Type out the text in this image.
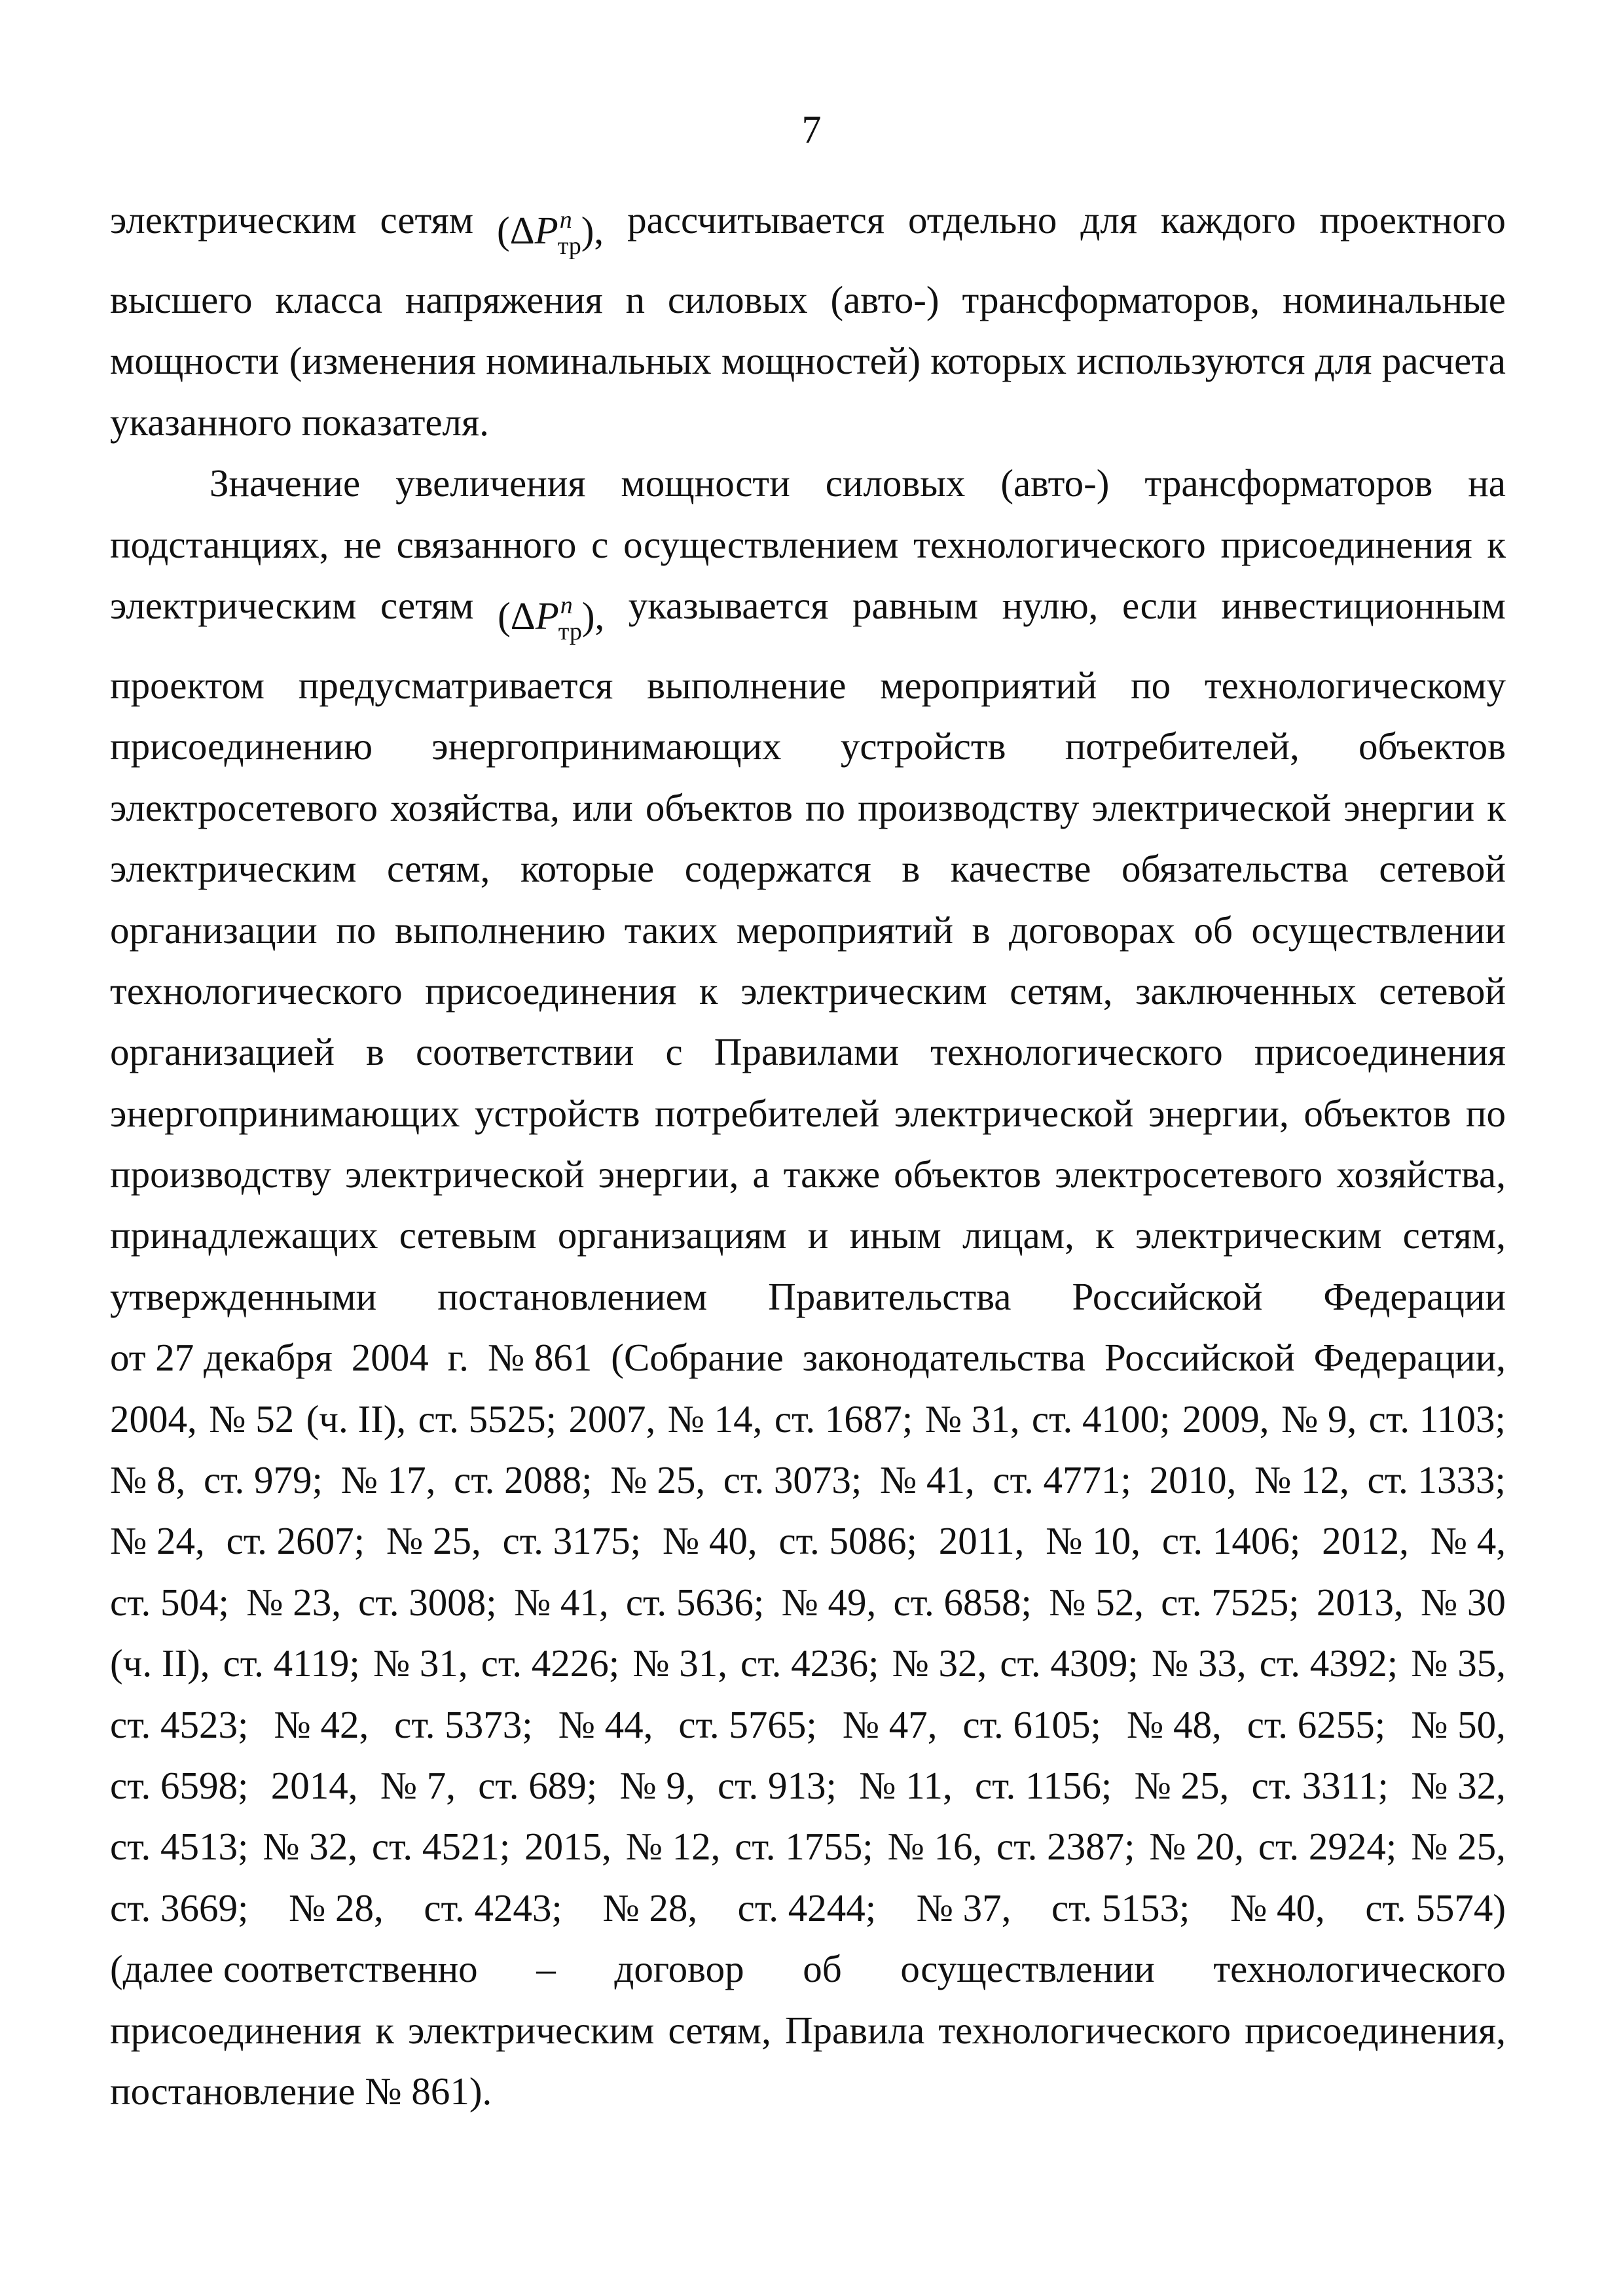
7
электрическим сетям $(\Delta P^n_{тр})$, рассчитывается отдельно для каждого проектного
высшего класса напряжения n силовых (авто-) трансформаторов, номинальные
мощности (изменения номинальных мощностей) которых используются для расчета
указанного показателя.
Значение увеличения мощности силовых (авто-) трансформаторов на
подстанциях, не связанного с осуществлением технологического присоединения к
электрическим сетям $(\Delta P^n_{тр})$, указывается равным нулю, если инвестиционным
проектом предусматривается выполнение мероприятий по технологическому
присоединению энергопринимающих устройств потребителей, объектов
электросетевого хозяйства, или объектов по производству электрической энергии к
электрическим сетям, которые содержатся в качестве обязательства сетевой
организации по выполнению таких мероприятий в договорах об осуществлении
технологического присоединения к электрическим сетям, заключенных сетевой
организацией в соответствии с Правилами технологического присоединения
энергопринимающих устройств потребителей электрической энергии, объектов по
производству электрической энергии, а также объектов электросетевого хозяйства,
принадлежащих сетевым организациям и иным лицам, к электрическим сетям,
утвержденными постановлением Правительства Российской Федерации
от 27 декабря 2004 г. № 861 (Собрание законодательства Российской Федерации,
2004, № 52 (ч. II), ст. 5525; 2007, № 14, ст. 1687; № 31, ст. 4100; 2009, № 9, ст. 1103;
№ 8, ст. 979; № 17, ст. 2088; № 25, ст. 3073; № 41, ст. 4771; 2010, № 12, ст. 1333;
№ 24, ст. 2607; № 25, ст. 3175; № 40, ст. 5086; 2011, № 10, ст. 1406; 2012, № 4,
ст. 504; № 23, ст. 3008; № 41, ст. 5636; № 49, ст. 6858; № 52, ст. 7525; 2013, № 30
(ч. II), ст. 4119; № 31, ст. 4226; № 31, ст. 4236; № 32, ст. 4309; № 33, ст. 4392; № 35,
ст. 4523; № 42, ст. 5373; № 44, ст. 5765; № 47, ст. 6105; № 48, ст. 6255; № 50,
ст. 6598; 2014, № 7, ст. 689; № 9, ст. 913; № 11, ст. 1156; № 25, ст. 3311; № 32,
ст. 4513; № 32, ст. 4521; 2015, № 12, ст. 1755; № 16, ст. 2387; № 20, ст. 2924; № 25,
ст. 3669; № 28, ст. 4243; № 28, ст. 4244; № 37, ст. 5153; № 40, ст. 5574)
(далее соответственно – договор об осуществлении технологического
присоединения к электрическим сетям, Правила технологического присоединения,
постановление № 861).
